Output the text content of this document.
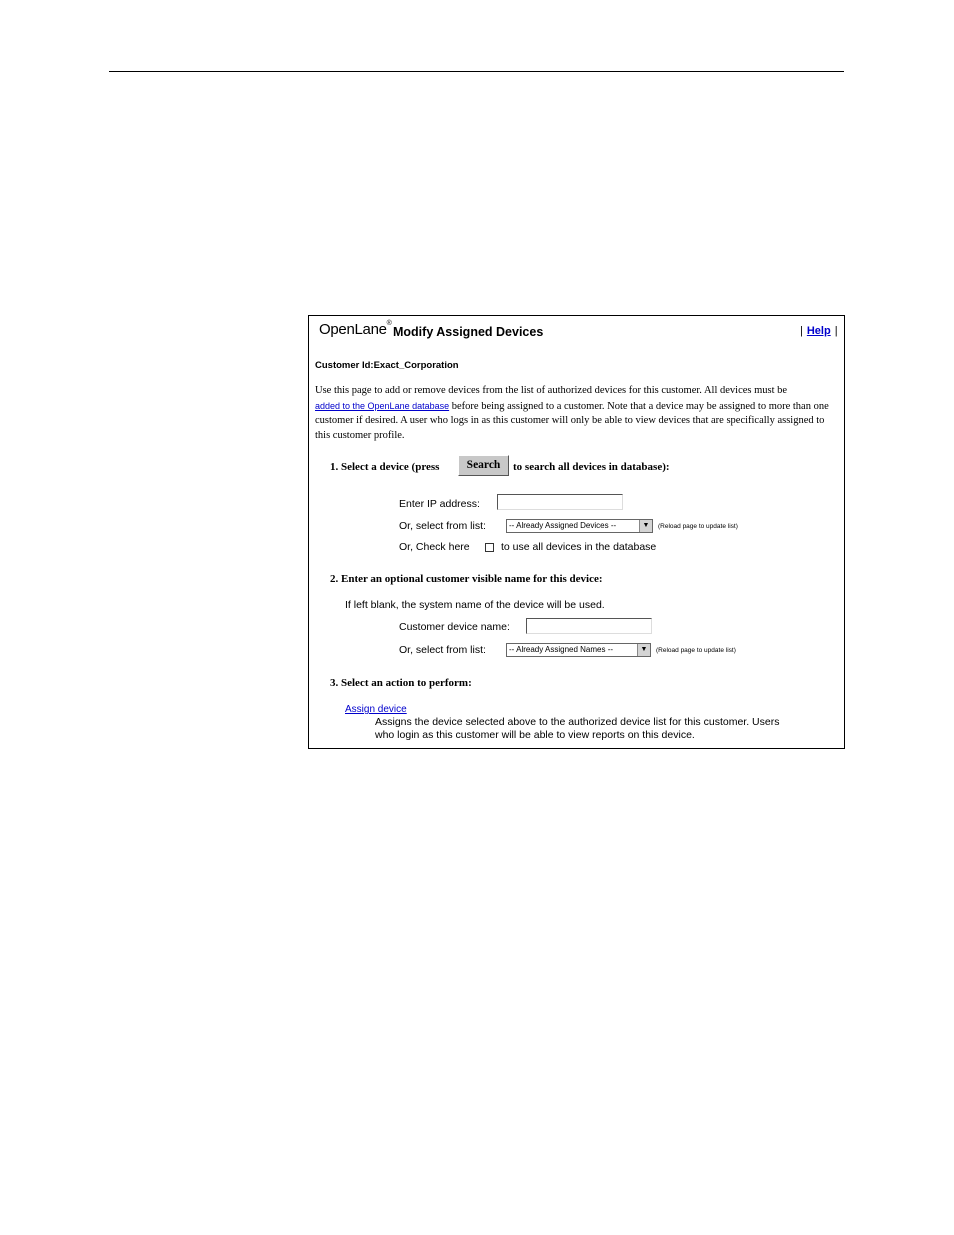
OpenLane®
Modify Assigned Devices	| Help |
Customer Id:Exact_Corporation
Use this page to add or remove devices from the list of authorized devices for this customer. All devices must be
added to the OpenLane database before being assigned to a customer. Note that a device may be assigned to more than one customer if desired. A user who logs in as this customer will only be able to view devices that are specifically assigned to this customer profile.
1. Select a device (press	Search	to search all devices in database):
Enter IP address:
Or, select from list:	-- Already Assigned Devices --	▼	(Reload page to update list)
Or, Check here	to use all devices in the database
2. Enter an optional customer visible name for this device:
If left blank, the system name of the device will be used.
Customer device name:
Or, select from list:	-- Already Assigned Names --	▼	(Reload page to update list)
3. Select an action to perform:
Assign device
Assigns the device selected above to the authorized device list for this customer. Users
who login as this customer will be able to view reports on this device.
